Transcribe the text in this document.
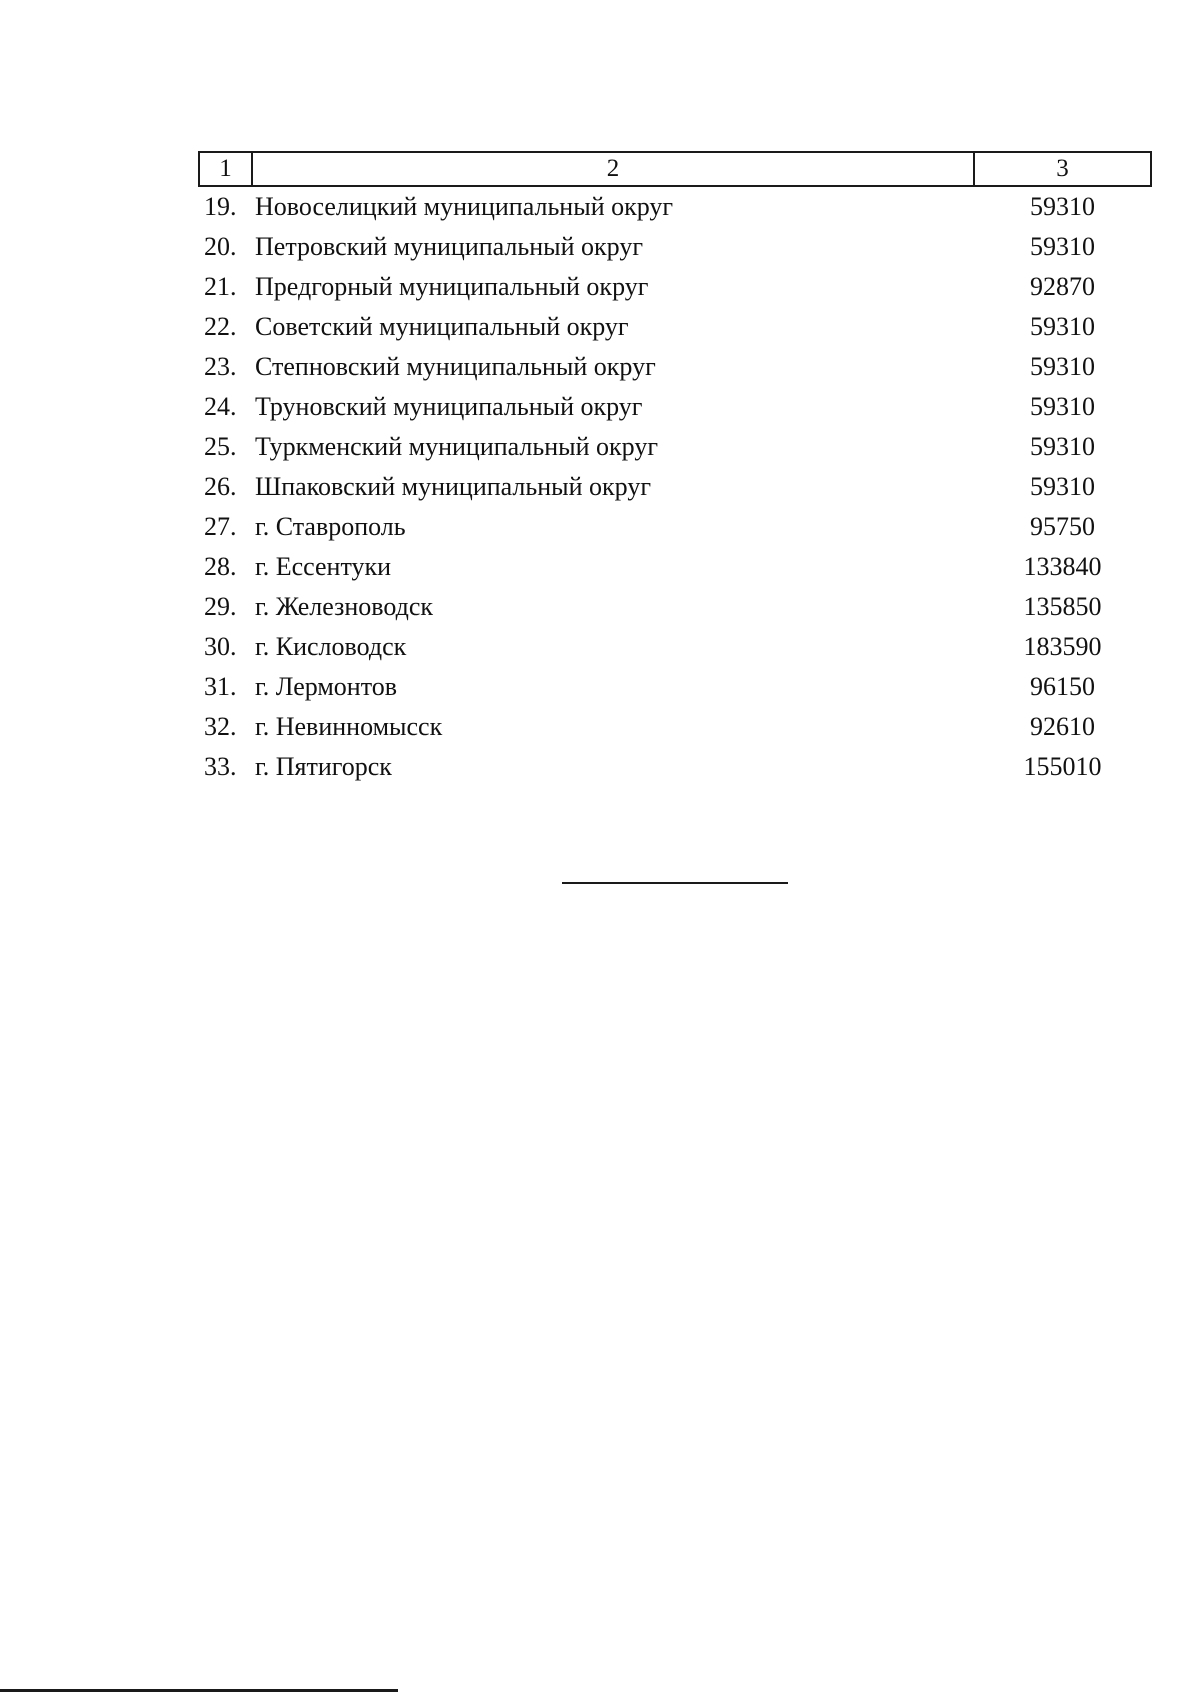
1	2	3
19. Новоселицкий муниципальный округ	59310
20. Петровский муниципальный округ	59310
21. Предгорный муниципальный округ	92870
22. Советский муниципальный округ	59310
23. Степновский муниципальный округ	59310
24. Труновский муниципальный округ	59310
25. Туркменский муниципальный округ	59310
26. Шпаковский муниципальный округ	59310
27. г. Ставрополь	95750
28. г. Ессентуки	133840
29. г. Железноводск	135850
30. г. Кисловодск	183590
31. г. Лермонтов	96150
32. г. Невинномысск	92610
33. г. Пятигорск	155010
